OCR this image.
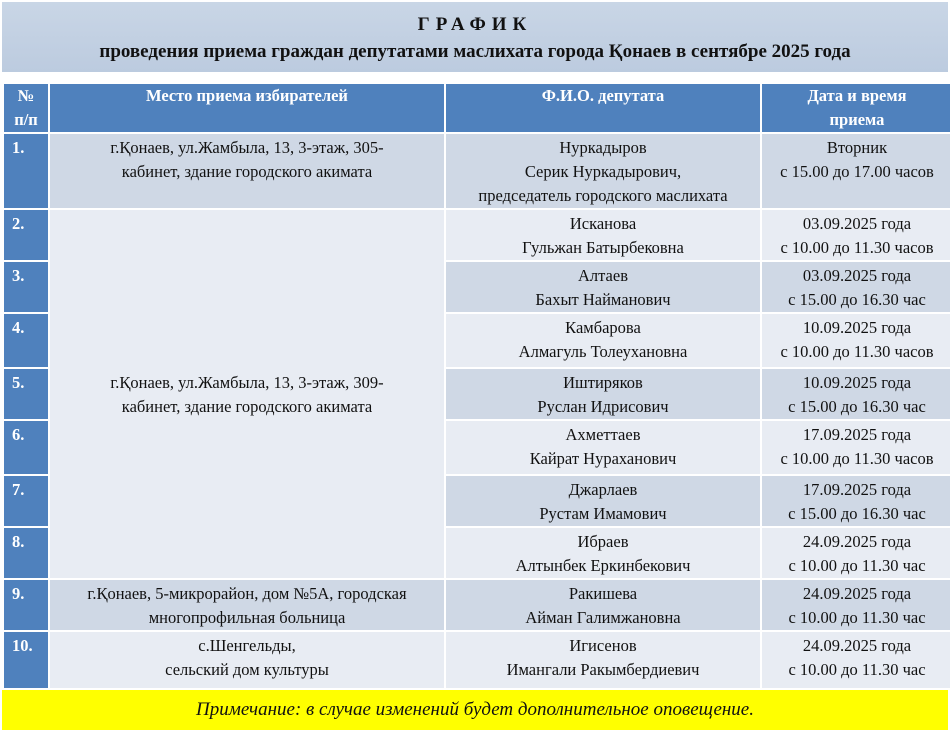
ГРАФИК
проведения приема граждан депутатами маслихата города Қонаев в сентябре 2025 года
№
п/п	Место приема избирателей	Ф.И.О. депутата	Дата и время
приема

1.	г.Қонаев, ул.Жамбыла, 13, 3-этаж, 305-
кабинет, здание городского акимата	Нуркадыров
Серик Нуркадырович,
председатель городского маслихата	Вторник
с 15.00 до 17.00 часов

2.	г.Қонаев, ул.Жамбыла, 13, 3-этаж, 309-
кабинет, здание городского акимата	Исканова
Гульжан Батырбековна	03.09.2025 года
с 10.00 до 11.30 часов

3.		Алтаев
Бахыт Найманович	03.09.2025 года
с 15.00 до 16.30 час

4.		Камбарова
Алмагуль Толеухановна	10.09.2025 года
с 10.00 до 11.30 часов

5.		Иштиряков
Руслан Идрисович	10.09.2025 года
с 15.00 до 16.30 час

6.		Ахметтаев
Кайрат Нураханович	17.09.2025 года
с 10.00 до 11.30 часов

7.		Джарлаев
Рустам Имамович	17.09.2025 года
с 15.00 до 16.30 час

8.		Ибраев
Алтынбек Еркинбекович	24.09.2025 года
с 10.00 до 11.30 час

9.	г.Қонаев, 5-микрорайон, дом №5А, городская
многопрофильная больница	Ракишева
Айман Галимжановна	24.09.2025 года
с 10.00 до 11.30 час

10.	с.Шенгельды,
сельский дом культуры	Игисенов
Имангали Ракымбердиевич	24.09.2025 года
с 10.00 до 11.30 час
Примечание: в случае изменений будет дополнительное оповещение.
